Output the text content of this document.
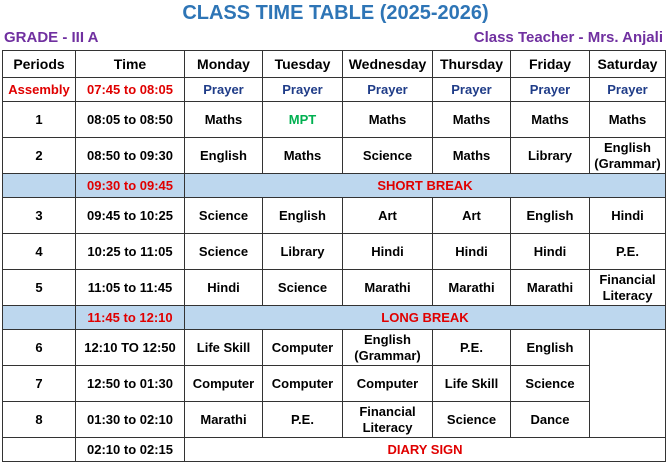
CLASS TIME TABLE (2025-2026)
GRADE - III A	Class Teacher - Mrs. Anjali
Periods	Time	Monday	Tuesday	Wednesday	Thursday	Friday	Saturday
Assembly	07:45 to 08:05	Prayer	Prayer	Prayer	Prayer	Prayer	Prayer
1	08:05 to 08:50	Maths	MPT	Maths	Maths	Maths	Maths
2	08:50 to 09:30	English	Maths	Science	Maths	Library	English (Grammar)
	09:30 to 09:45	SHORT BREAK					
3	09:45 to 10:25	Science	English	Art	Art	English	Hindi
4	10:25 to 11:05	Science	Library	Hindi	Hindi	Hindi	P.E.
5	11:05 to 11:45	Hindi	Science	Marathi	Marathi	Marathi	Financial Literacy
	11:45 to 12:10	LONG BREAK					
6	12:10 TO 12:50	Life Skill	Computer	English (Grammar)	P.E.	English	
7	12:50 to 01:30	Computer	Computer	Computer	Life Skill	Science	
8	01:30 to 02:10	Marathi	P.E.	Financial Literacy	Science	Dance	
	02:10 to 02:15	DIARY SIGN					
